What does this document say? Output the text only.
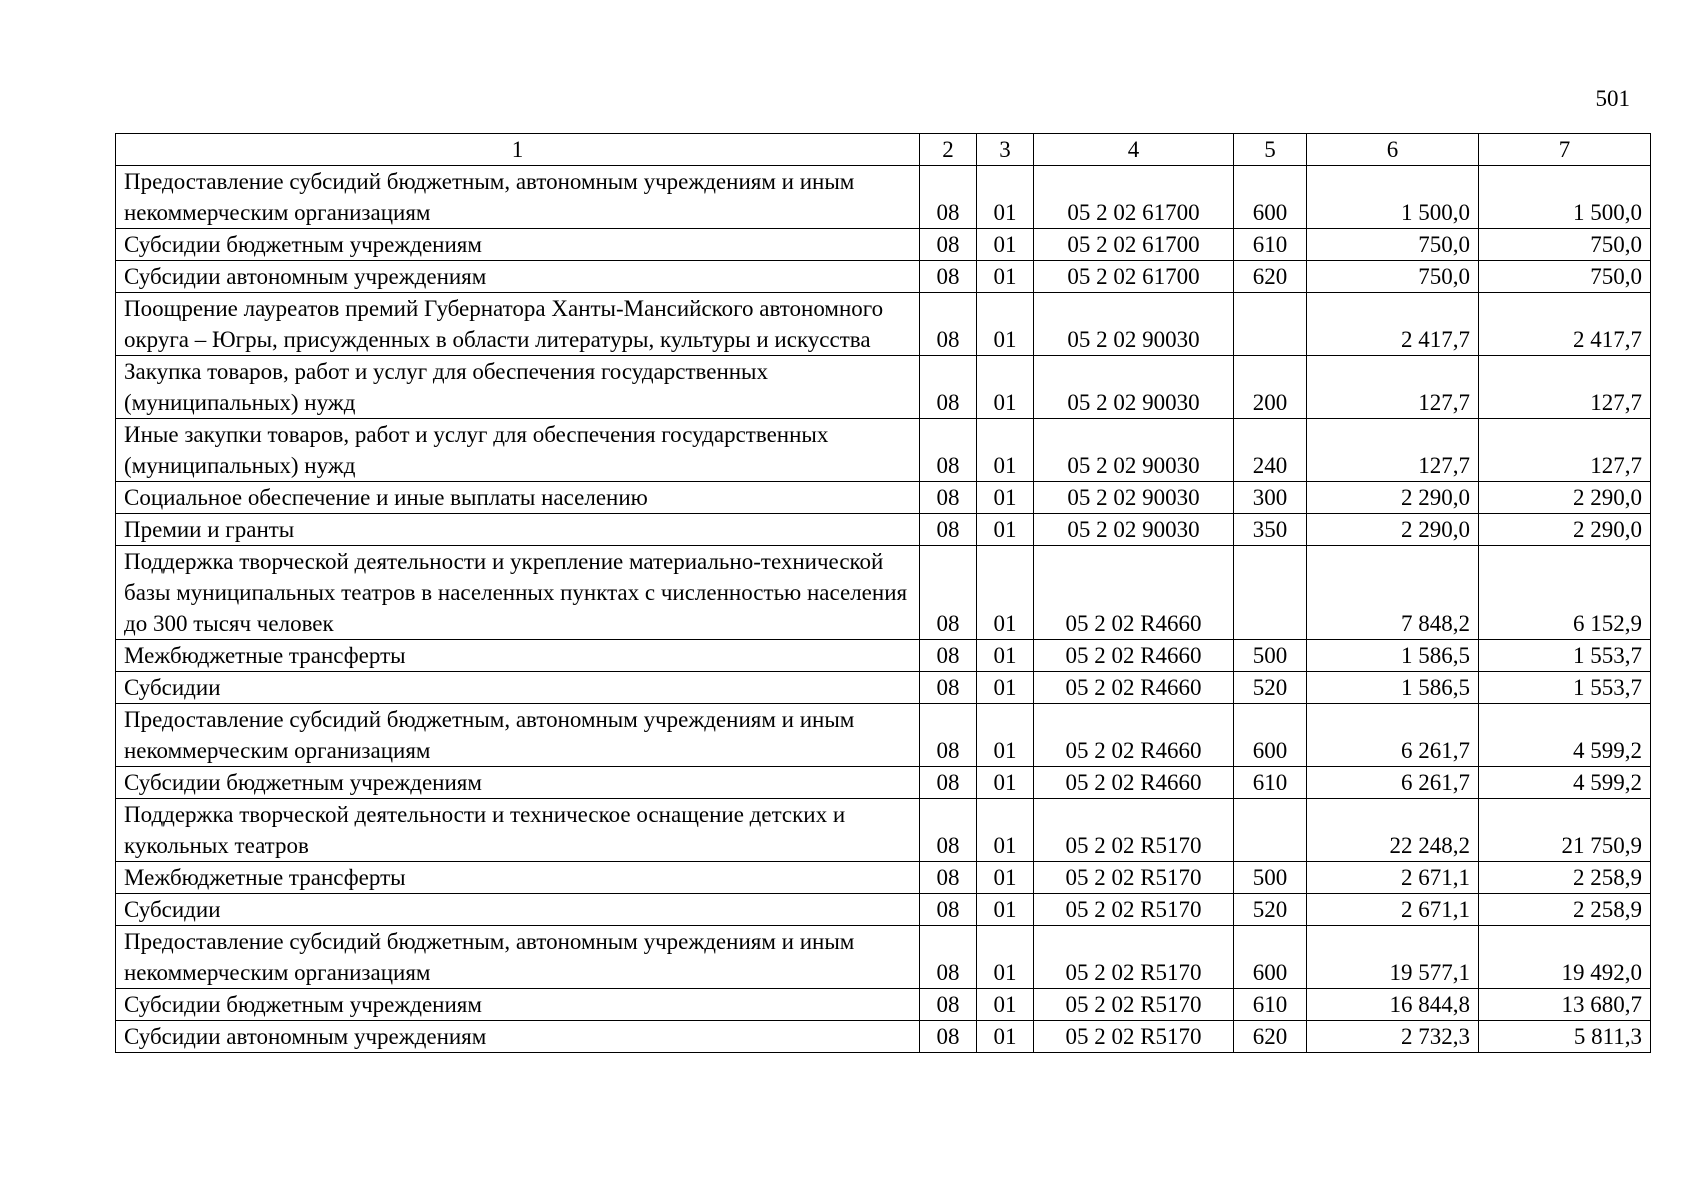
501
1	2	3	4	5	6	7
Предоставление субсидий бюджетным, автономным учреждениям и иным некоммерческим организациям	08	01	05 2 02 61700	600	1 500,0	1 500,0
Субсидии бюджетным учреждениям	08	01	05 2 02 61700	610	750,0	750,0
Субсидии автономным учреждениям	08	01	05 2 02 61700	620	750,0	750,0
Поощрение лауреатов премий Губернатора Ханты-Мансийского автономного округа – Югры, присужденных в области литературы, культуры и искусства	08	01	05 2 02 90030		2 417,7	2 417,7
Закупка товаров, работ и услуг для обеспечения государственных (муниципальных) нужд	08	01	05 2 02 90030	200	127,7	127,7
Иные закупки товаров, работ и услуг для обеспечения государственных (муниципальных) нужд	08	01	05 2 02 90030	240	127,7	127,7
Социальное обеспечение и иные выплаты населению	08	01	05 2 02 90030	300	2 290,0	2 290,0
Премии и гранты	08	01	05 2 02 90030	350	2 290,0	2 290,0
Поддержка творческой деятельности и укрепление материально-технической базы муниципальных театров в населенных пунктах с численностью населения до 300 тысяч человек	08	01	05 2 02 R4660		7 848,2	6 152,9
Межбюджетные трансферты	08	01	05 2 02 R4660	500	1 586,5	1 553,7
Субсидии	08	01	05 2 02 R4660	520	1 586,5	1 553,7
Предоставление субсидий бюджетным, автономным учреждениям и иным некоммерческим организациям	08	01	05 2 02 R4660	600	6 261,7	4 599,2
Субсидии бюджетным учреждениям	08	01	05 2 02 R4660	610	6 261,7	4 599,2
Поддержка творческой деятельности и техническое оснащение детских и кукольных театров	08	01	05 2 02 R5170		22 248,2	21 750,9
Межбюджетные трансферты	08	01	05 2 02 R5170	500	2 671,1	2 258,9
Субсидии	08	01	05 2 02 R5170	520	2 671,1	2 258,9
Предоставление субсидий бюджетным, автономным учреждениям и иным некоммерческим организациям	08	01	05 2 02 R5170	600	19 577,1	19 492,0
Субсидии бюджетным учреждениям	08	01	05 2 02 R5170	610	16 844,8	13 680,7
Субсидии автономным учреждениям	08	01	05 2 02 R5170	620	2 732,3	5 811,3
